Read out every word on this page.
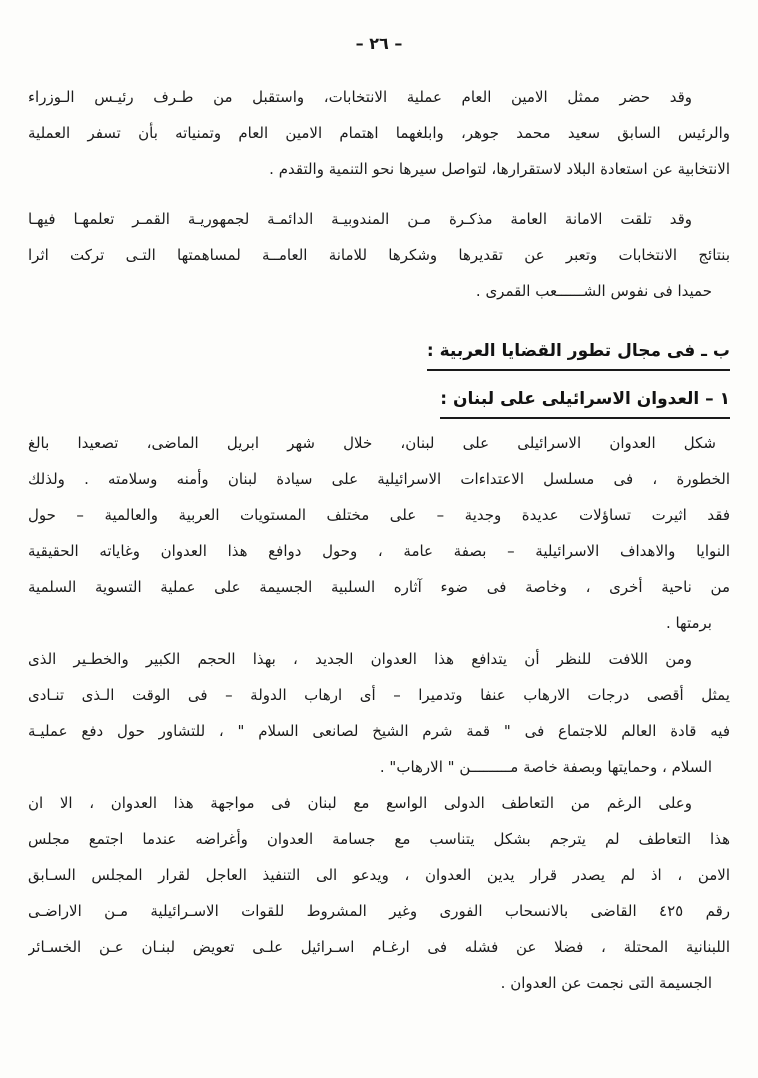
– ٢٦ –
وقد حضر ممثل الامين العام عملية الانتخابات، واستقبل من طـرف رئيـس الـوزراء
والرئيس السابق سعيد محمد جوهر، وابلغهما اهتمام الامين العام وتمنياته بأن تسفر العملية
الانتخابية عن استعادة البلاد لاستقرارها، لتواصل سيرها نحو التنمية والتقدم .
وقد تلقت الامانة العامة مذكـرة مـن المندوبيـة الدائمـة لجمهوريـة القمـر تعلمهـا فيهـا
بنتائج الانتخابات وتعبر عن تقديرها وشكرها للامانة العامــة لمساهمتها التـى تركت اثرا
حميدا فى نفوس الشــــــعب القمرى .
ب ـ فى مجال تطور القضايا العربية :
١ – العدوان الاسرائيلى على لبنان :
شكل العدوان الاسرائيلى على لبنان، خلال شهر ابريل الماضى، تصعيدا بالغ
الخطورة ، فى مسلسل الاعتداءات الاسرائيلية على سيادة لبنان وأمنه وسلامته . ولذلك
فقد اثيرت تساؤلات عديدة وجدية – على مختلف المستويات العربية والعالمية – حول
النوايا والاهداف الاسرائيلية – بصفة عامة ، وحول دوافع هذا العدوان وغاياته الحقيقية
من ناحية أخرى ، وخاصة فى ضوء آثاره السلبية الجسيمة على عملية التسوية السلمية
برمتها .
ومن اللافت للنظر أن يتدافع هذا العدوان الجديد ، بهذا الحجم الكبير والخطـير الذى
يمثل أقصى درجات الارهاب عنفا وتدميرا – أى ارهاب الدولة – فى الوقت الـذى تنـادى
فيه قادة العالم للاجتماع فى " قمة شرم الشيخ لصانعى السلام " ، للتشاور حول دفع عمليـة
السلام ، وحمايتها وبصفة خاصة مـــــــــن " الارهاب" .
وعلى الرغم من التعاطف الدولى الواسع مع لبنان فى مواجهة هذا العدوان ، الا ان
هذا التعاطف لم يترجم بشكل يتناسب مع جسامة العدوان وأغراضه عندما اجتمع مجلس
الامن ، اذ لم يصدر قرار يدين العدوان ، ويدعو الى التنفيذ العاجل لقرار المجلس السـابق
رقم ٤٢٥ القاضى بالانسحاب الفورى وغير المشروط للقوات الاسـرائيلية مـن الاراضـى
اللبنانية المحتلة ، فضلا عن فشله فى ارغـام اسـرائيل علـى تعويض لبنـان عـن الخسـائر
الجسيمة التى نجمت عن العدوان .
